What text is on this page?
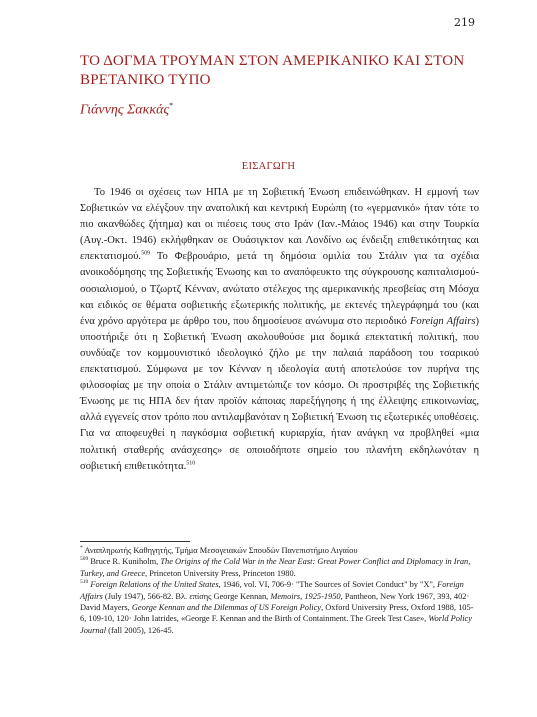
219
ΤΟ ΔΟΓΜΑ ΤΡΟΥΜΑΝ ΣΤΟΝ ΑΜΕΡΙΚΑΝΙΚΟ ΚΑΙ ΣΤΟΝ ΒΡΕΤΑΝΙΚΟ ΤΥΠΟ
Γιάννης Σακκάς*
ΕΙΣΑΓΩΓΗ

Το 1946 οι σχέσεις των ΗΠΑ με τη Σοβιετική Ένωση επιδεινώθηκαν. Η εμμονή των Σοβιετικών να ελέγξουν την ανατολική και κεντρική Ευρώπη (το «γερμανικό» ήταν τότε το πιο ακανθώδες ζήτημα) και οι πιέσεις τους στο Ιράν (Ιαν.-Μάιος 1946) και στην Τουρκία (Αυγ.-Οκτ. 1946) εκλήφθηκαν σε Ουάσιγκτον και Λονδίνο ως ένδειξη επιθετικότητας και επεκτατισμού.$^{509}$ Το Φεβρουάριο, μετά τη δημόσια ομιλία του Στάλιν για τα σχέδια ανοικοδόμησης της Σοβιετικής Ένωσης και το αναπόφευκτο της σύγκρουσης καπιταλισμού-σοσιαλισμού, ο Τζωρτζ Κένναν, ανώτατο στέλεχος της αμερικανικής πρεσβείας στη Μόσχα και ειδικός σε θέματα σοβιετικής εξωτερικής πολιτικής, με εκτενές τηλεγράφημά του (και ένα χρόνο αργότερα με άρθρο του, που δημοσίευσε ανώνυμα στο περιοδικό Foreign Affairs) υποστήριξε ότι η Σοβιετική Ένωση ακολουθούσε μια δομικά επεκτατική πολιτική, που συνδύαζε τον κομμουνιστικό ιδεολογικό ζήλο με την παλαιά παράδοση του τσαρικού επεκτατισμού. Σύμφωνα με τον Κένναν η ιδεολογία αυτή αποτελούσε τον πυρήνα της φιλοσοφίας με την οποία ο Στάλιν αντιμετώπιζε τον κόσμο. Οι προστριβές της Σοβιετικής Ένωσης με τις ΗΠΑ δεν ήταν προϊόν κάποιας παρεξήγησης ή της έλλειψης επικοινωνίας, αλλά εγγενείς στον τρόπο που αντιλαμβανόταν η Σοβιετική Ένωση τις εξωτερικές υποθέσεις. Για να αποφευχθεί η παγκόσμια σοβιετική κυριαρχία, ήταν ανάγκη να προβληθεί «μια πολιτική σταθερής ανάσχεσης» σε οποιοδήποτε σημείο του πλανήτη εκδηλωνόταν η σοβιετική επιθετικότητα.$^{510}$

* Αναπληρωτής Καθηγητής, Τμήμα Μεσογειακών Σπουδών Πανεπιστήμιο Αιγαίου

$^{509}$ Bruce R. Kuniholm, The Origins of the Cold War in the Near East: Great Power Conflict and Diplomacy in Iran, Turkey, and Greece, Princeton University Press, Princeton 1980.

$^{510}$ Foreign Relations of the United States, 1946, vol. VI, 706-9· "The Sources of Soviet Conduct" by "X", Foreign Affairs (July 1947), 566-82. Βλ. επίσης George Kennan, Memoirs, 1925-1950, Pantheon, New York 1967, 393, 402· David Mayers, George Kennan and the Dilemmas of US Foreign Policy, Oxford University Press, Oxford 1988, 105-6, 109-10, 120· John Iatrides, «George F. Kennan and the Birth of Containment. The Greek Test Case», World Policy Journal (fall 2005), 126-45.
